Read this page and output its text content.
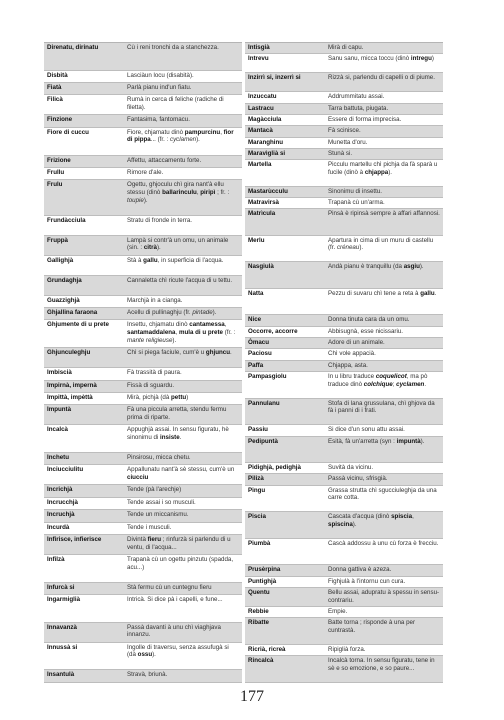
Direnatu, dirinatu	Cù i reni tronchi da a stanchezza.
Disbità	Lasciàun locu (disabità).
Fiatà	Parlà pianu ind'un fiatu.
Filicà	Rumà in cerca di feliche (radiche di filetta).
Finzione	Fantasima, fantomacu.
Fiore di cuccu	Fiore, chjamatu dinò pampurcinu, fior di pippa... (fr. : cyclamen).
Frizione	Affettu, attaccamentu forte.
Frullu	Rimore d'ale.
Frulu	Ogettu, ghjoculu chì gira nant'à ellu stessu (dinò ballarinculu, piripì ; fr. : toupie).
Frundàcciula	Stratu di fronde in terra.
Fruppà	Lampà si contr'à un omu, un animale (sin. : citrà).
Gallighjà	Stà à gallu, in superficia di l'acqua.
Grundaghja	Cannaletta chì ricute l'acqua di u tettu.
Guazzighjà	Marchjà in a cianga.
Ghjallina faraona	Acellu di pullinaghju (fr. pintade).
Ghjumente di u prete	Insettu, chjamatu dinò cantamessa, santamaddalena, mula di u prete (fr. : mante religieuse).
Ghjunculeghju	Chì si piega faciule, cum'è u ghjuncu.
Imbiscià	Fà trassità di paura.
Impirnà, impernà	Fissà di sguardu.
Impittà, impèttà	Mirà, pichjà (dà pettu)
Impuntà	Fà una piccula arretta, stendu fermu prima di riparte.
Incalcà	Appughjà assai. In sensu figuratu, hè sinonimu di insiste.
Inchetu	Pinsirosu, micca chetu.
Inciucciulitu	Appallunatu nant'à sè stessu, cum'è un ciucciu
Incrichjà	Tende (pà l'arechje)
Incrucchjà	Tende assai i so musculi.
Incruchjà	Tende un miccanismu.
Incurdà	Tende i musculi.
Infirisce, infierisce	Divintà fieru ; rinfurzà si parlendu di u ventu, di l'acqua...
Infilzà	Trapanà cù un ogettu pinzutu (spadda, acu...)
Infurcà si	Stà fermu cù un cuntegnu fieru
Ingarmiglià	Intricà. Si dice pà i capelli, e fune...
Innavanzà	Passà davanti à unu chì viaghjava innanzu.
Innussà si	Ingolle di traversu, senza assufugà si (dà ossu).
Insantulà	Stravà, briunà.
Intisgià	Mirà di capu.
Intrevu	Sanu sanu, micca toccu (dinò intregu)
Inzirrì si, inzerrì si	Rizzà si, parlendu di capelli o di piume.
Inzuccatu	Addrummitatu assai.
Lastracu	Tarra battuta, piugata.
Magàcciula	Essere di forma imprecisa.
Mantacà	Fà scinisce.
Maranghinu	Munetta d'oru.
Maravìglià si	Stunà si.
Martella	Picculu martellu chì pichja da fà sparà u fucile (dinò à chjappa).
Mastarùcculu	Sinonimu di insettu.
Matravirsà	Trapanà cù un'arma.
Matrìcula	Pinsà è ripinsà sempre à affari affannosi.
Merlu	Apartura in cima di un muru di castellu (fr. créneau).
Nasgiulà	Andà pianu è tranquillu (da asgiu).
Natta	Pezzu di suvaru chì tene a reta à gallu.
Nice	Donna tinuta cara da un omu.
Occorre, accorre	Abbisugnà, esse nicissariu.
Òmacu	Adore di un animale.
Paciosu	Chì vole appacià.
Paffa	Chjappa, asta.
Pampasgiolu	In u libru traduce coquelicot, ma pò traduce dinò colchique; cyclamen.
Pannulanu	Stofa di lana grussulana, chì ghjova da fà i panni di i frati.
Passiu	Si dice d'un sonu attu assai.
Pedipuntà	Esità, fà un'arretta (syn : impuntà).
Pidighjà, pedighjà	Suvità da vicinu.
Pilizà	Passà vicinu, sfrisgià.
Pingu	Grassa strutta chì sgucciuleghja da una carre cotta.
Piscia	Cascata d'acqua (dinò spiscia, spiscina).
Piumbà	Cascà addossu à unu cù forza è frecciu.
Prusèrpina	Donna gattiva è azeza.
Puntighjà	Fighjulà à l'intornu cun cura.
Quentu	Bellu assai, adupratu à spessu in sensu-contrariu.
Rebbie	Empie.
Ribatte	Batte torna ; risponde à una per cuntrastà.
Ricrià, ricreà	Ripiglià forza.
Rincalcà	Incalcà torna. In sensu figuratu, tene in sè e so emozione, e so paure...
177
